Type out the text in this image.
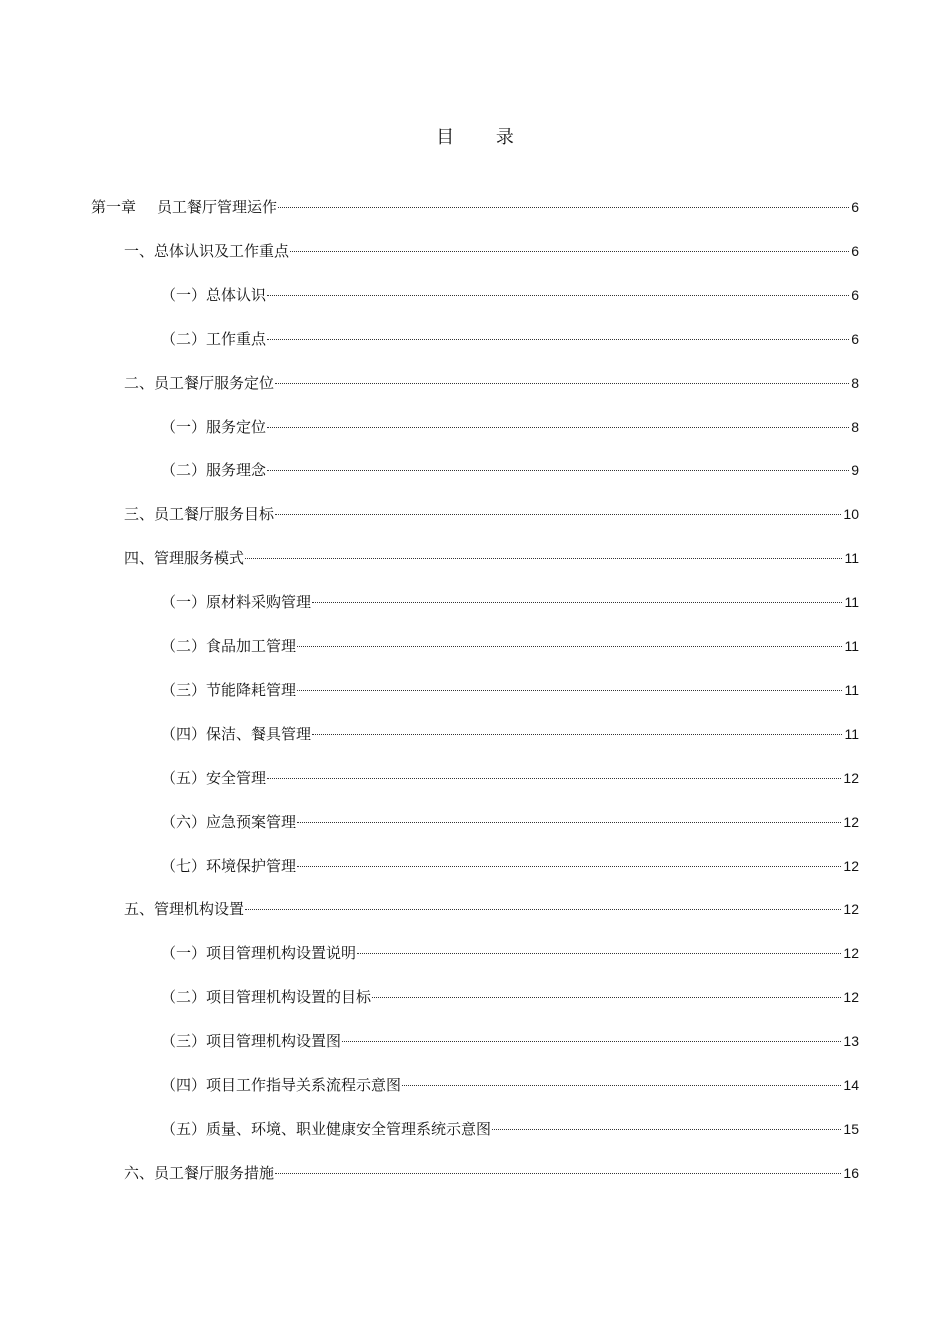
目 录
第一章 员工餐厅管理运作	6
一、总体认识及工作重点	6
（一）总体认识	6
（二）工作重点	6
二、员工餐厅服务定位	8
（一）服务定位	8
（二）服务理念	9
三、员工餐厅服务目标	10
四、管理服务模式	11
（一）原材料采购管理	11
（二）食品加工管理	11
（三）节能降耗管理	11
（四）保洁、餐具管理	11
（五）安全管理	12
（六）应急预案管理	12
（七）环境保护管理	12
五、管理机构设置	12
（一）项目管理机构设置说明	12
（二）项目管理机构设置的目标	12
（三）项目管理机构设置图	13
（四）项目工作指导关系流程示意图	14
（五）质量、环境、职业健康安全管理系统示意图	15
六、员工餐厅服务措施	16
